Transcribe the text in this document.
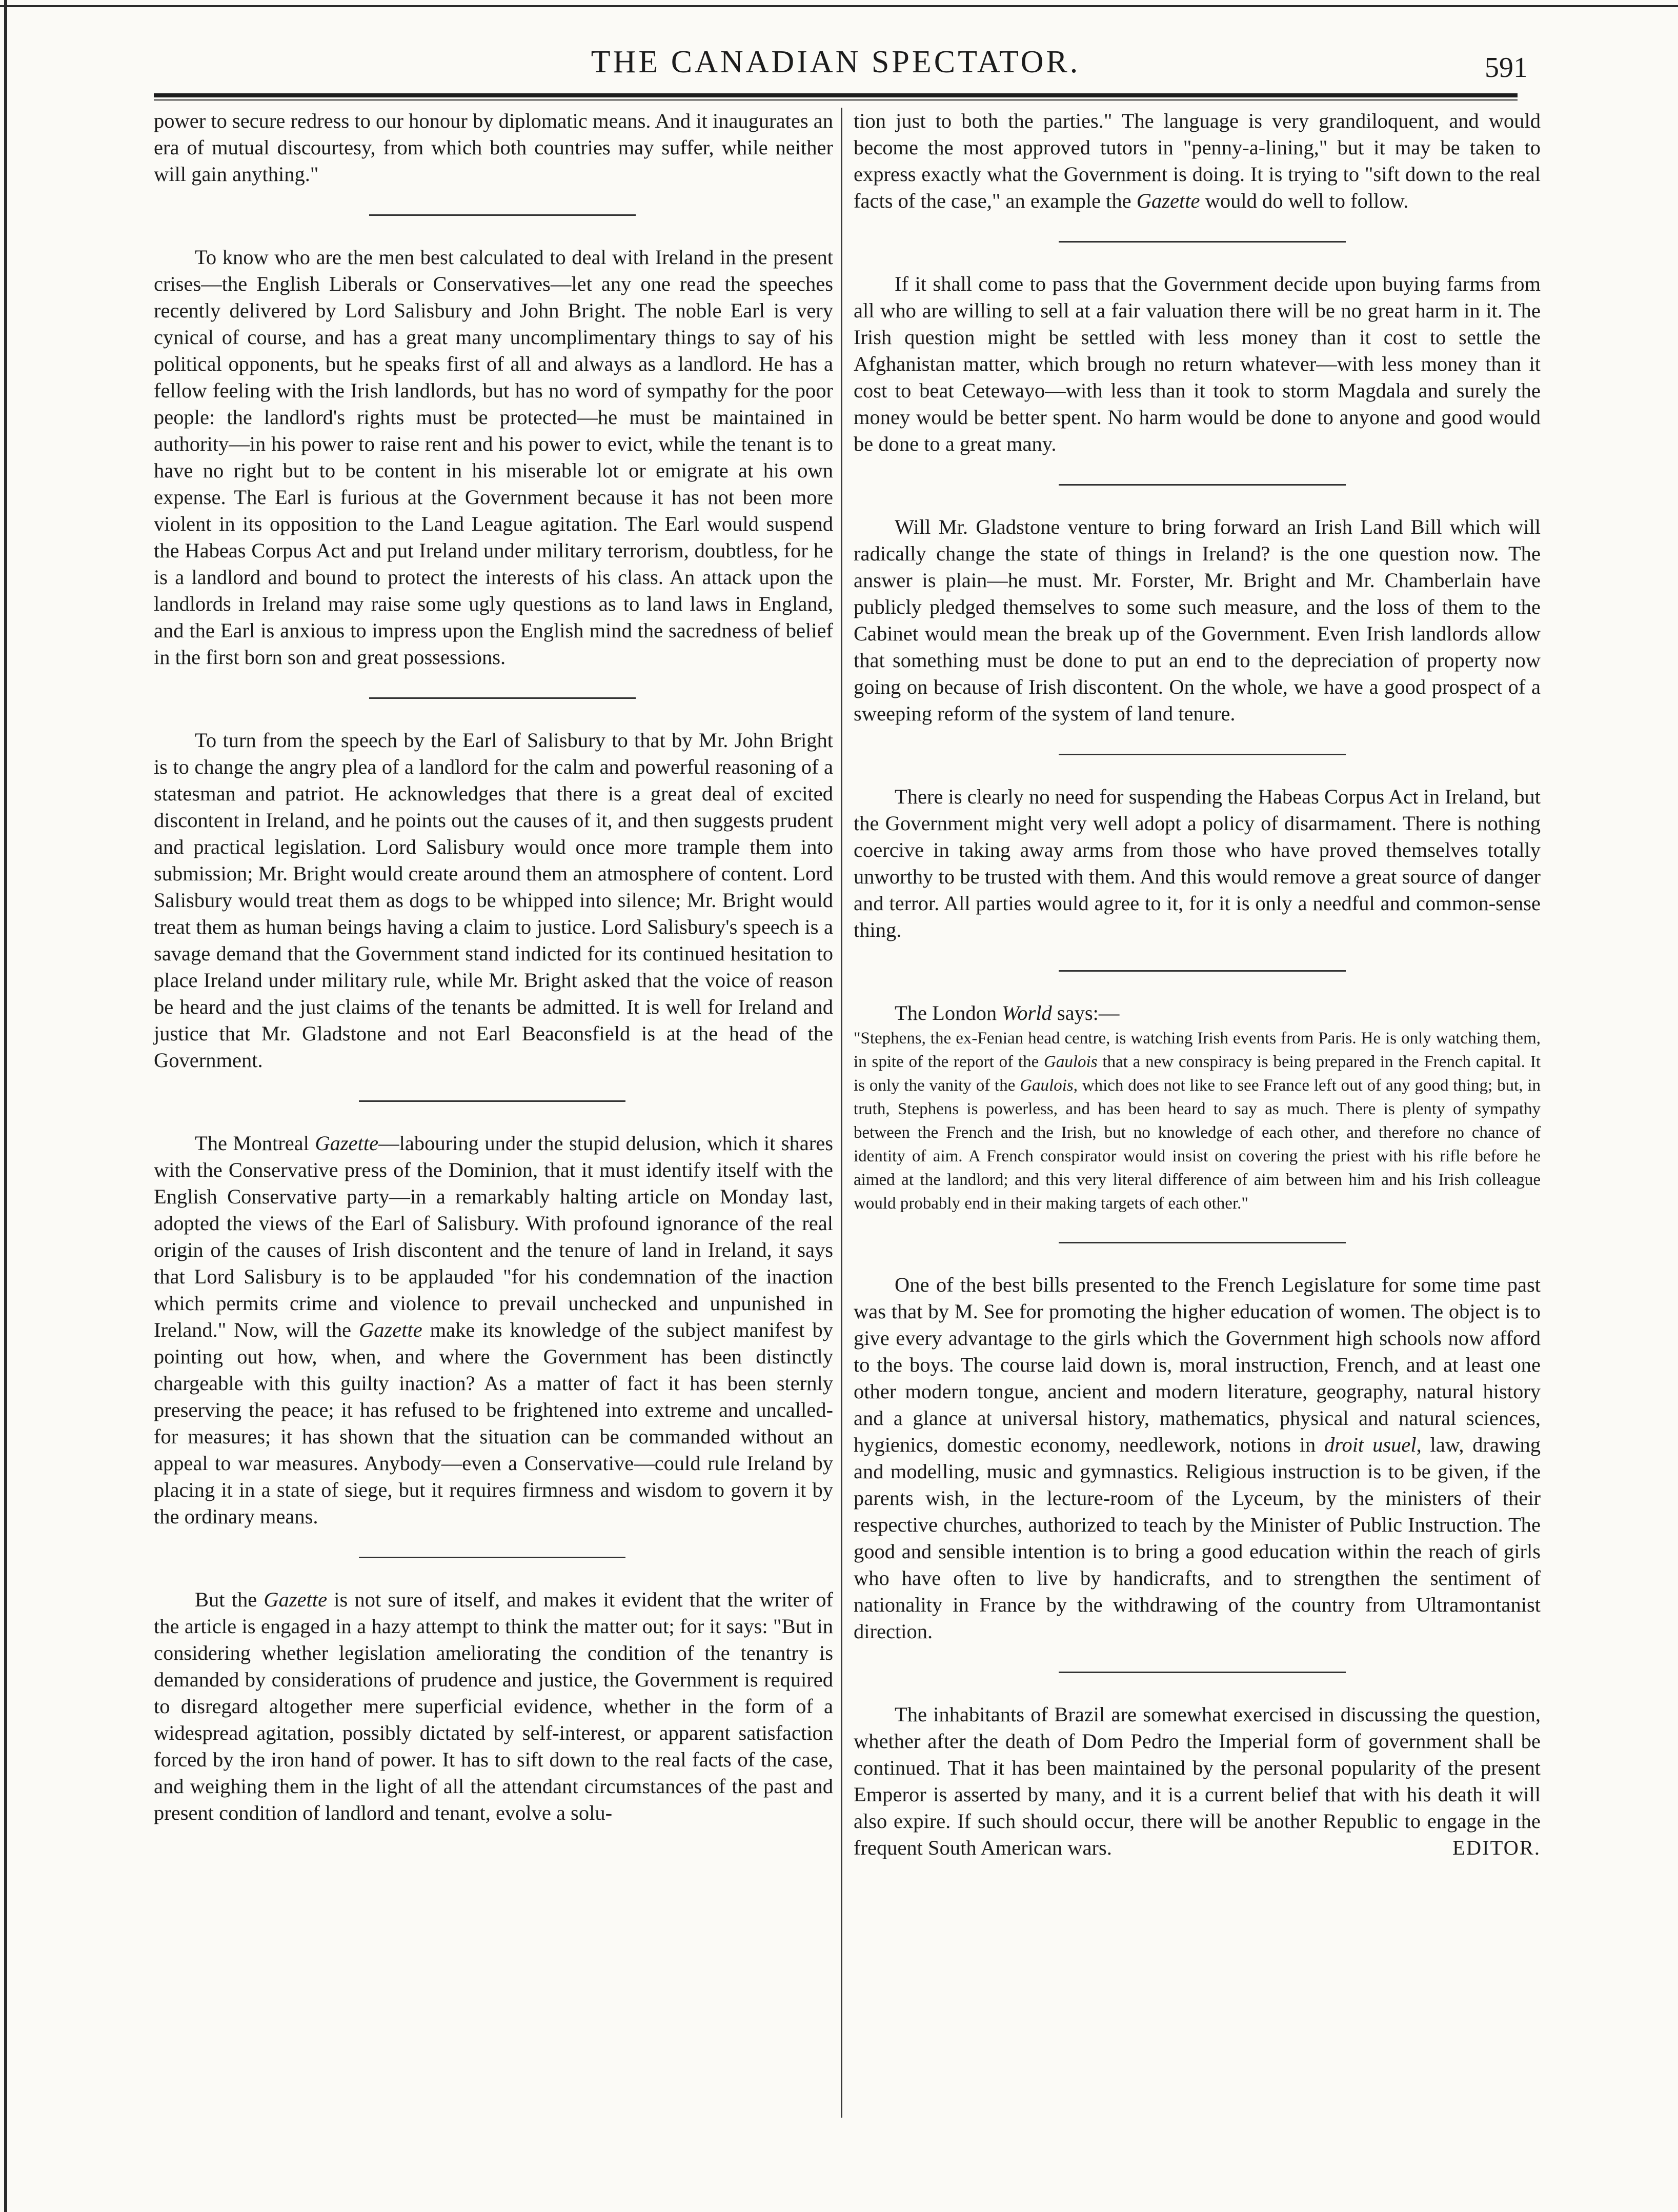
THE CANADIAN SPECTATOR.	591

power to secure redress to our honour by diplomatic means. And it inaugurates an era of mutual discourtesy, from which both countries may suffer, while neither will gain anything."

To know who are the men best calculated to deal with Ireland in the present crises—the English Liberals or Conservatives—let any one read the speeches recently delivered by Lord Salisbury and John Bright. The noble Earl is very cynical of course, and has a great many uncomplimentary things to say of his political opponents, but he speaks first of all and always as a landlord. He has a fellow feeling with the Irish landlords, but has no word of sympathy for the poor people: the landlord's rights must be protected—he must be maintained in authority—in his power to raise rent and his power to evict, while the tenant is to have no right but to be content in his miserable lot or emigrate at his own expense. The Earl is furious at the Government because it has not been more violent in its opposition to the Land League agitation. The Earl would suspend the Habeas Corpus Act and put Ireland under military terrorism, doubtless, for he is a landlord and bound to protect the interests of his class. An attack upon the landlords in Ireland may raise some ugly questions as to land laws in England, and the Earl is anxious to impress upon the English mind the sacredness of belief in the first born son and great possessions.

To turn from the speech by the Earl of Salisbury to that by Mr. John Bright is to change the angry plea of a landlord for the calm and powerful reasoning of a statesman and patriot. He acknowledges that there is a great deal of excited discontent in Ireland, and he points out the causes of it, and then suggests prudent and practical legislation. Lord Salisbury would once more trample them into submission; Mr. Bright would create around them an atmosphere of content. Lord Salisbury would treat them as dogs to be whipped into silence; Mr. Bright would treat them as human beings having a claim to justice. Lord Salisbury's speech is a savage demand that the Government stand indicted for its continued hesitation to place Ireland under military rule, while Mr. Bright asked that the voice of reason be heard and the just claims of the tenants be admitted. It is well for Ireland and justice that Mr. Gladstone and not Earl Beaconsfield is at the head of the Government.

The Montreal Gazette—labouring under the stupid delusion, which it shares with the Conservative press of the Dominion, that it must identify itself with the English Conservative party—in a remarkably halting article on Monday last, adopted the views of the Earl of Salisbury. With profound ignorance of the real origin of the causes of Irish discontent and the tenure of land in Ireland, it says that Lord Salisbury is to be applauded "for his condemnation of the inaction which permits crime and violence to prevail unchecked and unpunished in Ireland." Now, will the Gazette make its knowledge of the subject manifest by pointing out how, when, and where the Government has been distinctly chargeable with this guilty inaction? As a matter of fact it has been sternly preserving the peace; it has refused to be frightened into extreme and uncalled-for measures; it has shown that the situation can be commanded without an appeal to war measures. Anybody—even a Conservative—could rule Ireland by placing it in a state of siege, but it requires firmness and wisdom to govern it by the ordinary means.

But the Gazette is not sure of itself, and makes it evident that the writer of the article is engaged in a hazy attempt to think the matter out; for it says: "But in considering whether legislation ameliorating the condition of the tenantry is demanded by considerations of prudence and justice, the Government is required to disregard altogether mere superficial evidence, whether in the form of a widespread agitation, possibly dictated by self-interest, or apparent satisfaction forced by the iron hand of power. It has to sift down to the real facts of the case, and weighing them in the light of all the attendant circumstances of the past and present condition of landlord and tenant, evolve a solu-

tion just to both the parties." The language is very grandiloquent, and would become the most approved tutors in "penny-a-lining," but it may be taken to express exactly what the Government is doing. It is trying to "sift down to the real facts of the case," an example the Gazette would do well to follow.

If it shall come to pass that the Government decide upon buying farms from all who are willing to sell at a fair valuation there will be no great harm in it. The Irish question might be settled with less money than it cost to settle the Afghanistan matter, which brough no return whatever—with less money than it cost to beat Cetewayo—with less than it took to storm Magdala and surely the money would be better spent. No harm would be done to anyone and good would be done to a great many.

Will Mr. Gladstone venture to bring forward an Irish Land Bill which will radically change the state of things in Ireland? is the one question now. The answer is plain—he must. Mr. Forster, Mr. Bright and Mr. Chamberlain have publicly pledged themselves to some such measure, and the loss of them to the Cabinet would mean the break up of the Government. Even Irish landlords allow that something must be done to put an end to the depreciation of property now going on because of Irish discontent. On the whole, we have a good prospect of a sweeping reform of the system of land tenure.

There is clearly no need for suspending the Habeas Corpus Act in Ireland, but the Government might very well adopt a policy of disarmament. There is nothing coercive in taking away arms from those who have proved themselves totally unworthy to be trusted with them. And this would remove a great source of danger and terror. All parties would agree to it, for it is only a needful and common-sense thing.

The London World says:—

"Stephens, the ex-Fenian head centre, is watching Irish events from Paris. He is only watching them, in spite of the report of the Gaulois that a new conspiracy is being prepared in the French capital. It is only the vanity of the Gaulois, which does not like to see France left out of any good thing; but, in truth, Stephens is powerless, and has been heard to say as much. There is plenty of sympathy between the French and the Irish, but no knowledge of each other, and therefore no chance of identity of aim. A French conspirator would insist on covering the priest with his rifle before he aimed at the landlord; and this very literal difference of aim between him and his Irish colleague would probably end in their making targets of each other."

One of the best bills presented to the French Legislature for some time past was that by M. See for promoting the higher education of women. The object is to give every advantage to the girls which the Government high schools now afford to the boys. The course laid down is, moral instruction, French, and at least one other modern tongue, ancient and modern literature, geography, natural history and a glance at universal history, mathematics, physical and natural sciences, hygienics, domestic economy, needlework, notions in droit usuel, law, drawing and modelling, music and gymnastics. Religious instruction is to be given, if the parents wish, in the lecture-room of the Lyceum, by the ministers of their respective churches, authorized to teach by the Minister of Public Instruction. The good and sensible intention is to bring a good education within the reach of girls who have often to live by handicrafts, and to strengthen the sentiment of nationality in France by the withdrawing of the country from Ultramontanist direction.

The inhabitants of Brazil are somewhat exercised in discussing the question, whether after the death of Dom Pedro the Imperial form of government shall be continued. That it has been maintained by the personal popularity of the present Emperor is asserted by many, and it is a current belief that with his death it will also expire. If such should occur, there will be another Republic to engage in the frequent South American wars.	EDITOR.
